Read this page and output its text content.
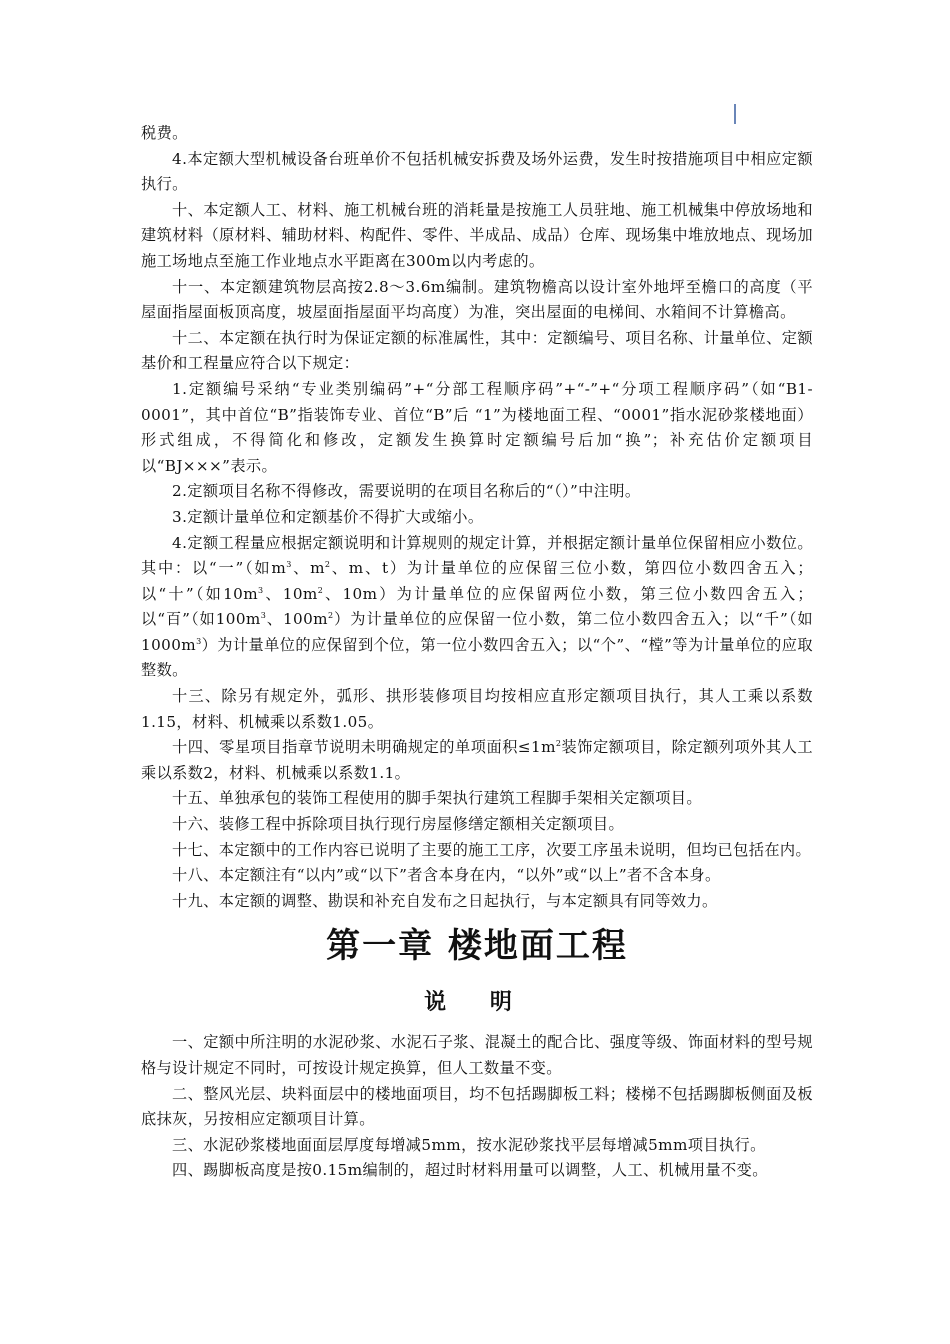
税费。

4.本定额大型机械设备台班单价不包括机械安拆费及场外运费，发生时按措施项目中相应定额执行。

十、本定额人工、材料、施工机械台班的消耗量是按施工人员驻地、施工机械集中停放场地和建筑材料（原材料、辅助材料、构配件、零件、半成品、成品）仓库、现场集中堆放地点、现场加施工场地点至施工作业地点水平距离在300m以内考虑的。

十一、本定额建筑物层高按2.8～3.6m编制。建筑物檐高以设计室外地坪至檐口的高度（平屋面指屋面板顶高度，坡屋面指屋面平均高度）为准，突出屋面的电梯间、水箱间不计算檐高。

十二、本定额在执行时为保证定额的标准属性，其中：定额编号、项目名称、计量单位、定额基价和工程量应符合以下规定：

1.定额编号采纳“专业类别编码”+“分部工程顺序码”+“-”+“分项工程顺序码”（如“B1-0001”，其中首位“B”指装饰专业、首位“B”后 “1”为楼地面工程、“0001”指水泥砂浆楼地面）形式组成，不得简化和修改，定额发生换算时定额编号后加“换”；补充估价定额项目以“BJ×××”表示。

2.定额项目名称不得修改，需要说明的在项目名称后的“（）”中注明。

3.定额计量单位和定额基价不得扩大或缩小。

4.定额工程量应根据定额说明和计算规则的规定计算，并根据定额计量单位保留相应小数位。其中：以“一”（如$m^3$、$m^2$、m、t）为计量单位的应保留三位小数，第四位小数四舍五入；以“十”（如$10m^3$、$10m^2$、10m）为计量单位的应保留两位小数，第三位小数四舍五入；以“百”（如$100m^3$、$100m^2$）为计量单位的应保留一位小数，第二位小数四舍五入；以“千”（如$1000m^3$）为计量单位的应保留到个位，第一位小数四舍五入；以“个”、“樘”等为计量单位的应取整数。

十三、除另有规定外，弧形、拱形装修项目均按相应直形定额项目执行，其人工乘以系数1.15，材料、机械乘以系数1.05。

十四、零星项目指章节说明未明确规定的单项面积$\le 1m^2$装饰定额项目，除定额列项外其人工乘以系数2，材料、机械乘以系数1.1。

十五、单独承包的装饰工程使用的脚手架执行建筑工程脚手架相关定额项目。

十六、装修工程中拆除项目执行现行房屋修缮定额相关定额项目。

十七、本定额中的工作内容已说明了主要的施工工序，次要工序虽未说明，但均已包括在内。

十八、本定额注有“以内”或“以下”者含本身在内，“以外”或“以上”者不含本身。

十九、本定额的调整、勘误和补充自发布之日起执行，与本定额具有同等效力。

第一章 楼地面工程
说 明

一、定额中所注明的水泥砂浆、水泥石子浆、混凝土的配合比、强度等级、饰面材料的型号规格与设计规定不同时，可按设计规定换算，但人工数量不变。

二、整风光层、块料面层中的楼地面项目，均不包括踢脚板工料；楼梯不包括踢脚板侧面及板底抹灰，另按相应定额项目计算。

三、水泥砂浆楼地面面层厚度每增减5mm，按水泥砂浆找平层每增减5mm项目执行。

四、踢脚板高度是按0.15m编制的，超过时材料用量可以调整，人工、机械用量不变。
